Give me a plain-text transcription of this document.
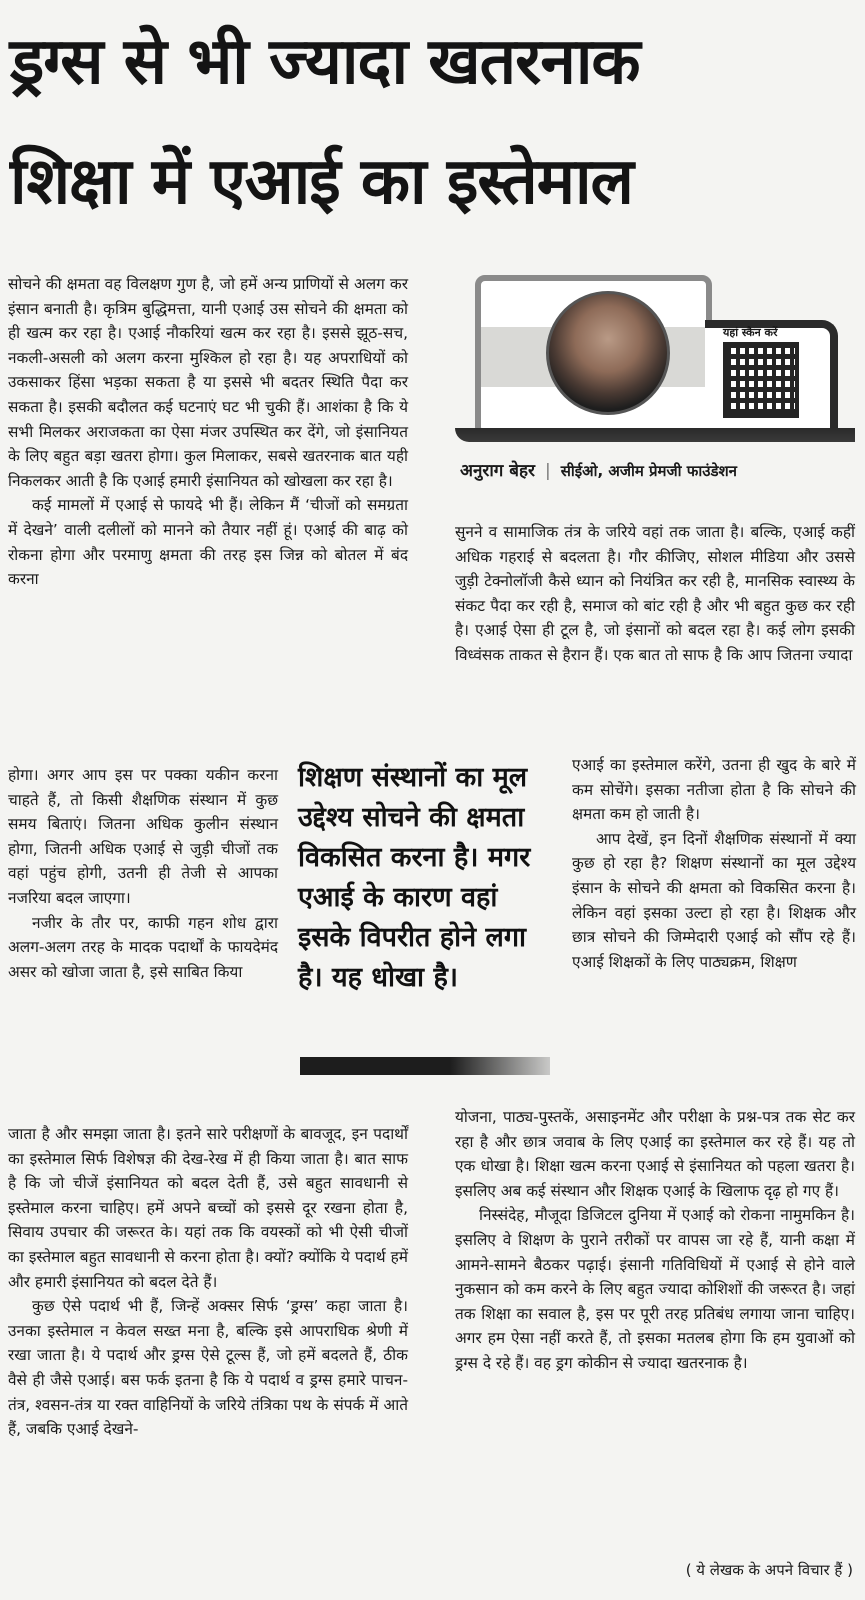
ड्रग्स से भी ज्यादा खतरनाक
शिक्षा में एआई का इस्तेमाल

सोचने की क्षमता वह विलक्षण गुण है, जो हमें अन्य प्राणियों से अलग कर इंसान बनाती है। कृत्रिम बुद्धिमत्ता, यानी एआई उस सोचने की क्षमता को ही खत्म कर रहा है। एआई नौकरियां खत्म कर रहा है। इससे झूठ-सच, नकली-असली को अलग करना मुश्किल हो रहा है। यह अपराधियों को उकसाकर हिंसा भड़का सकता है या इससे भी बदतर स्थिति पैदा कर सकता है। इसकी बदौलत कई घटनाएं घट भी चुकी हैं। आशंका है कि ये सभी मिलकर अराजकता का ऐसा मंजर उपस्थित कर देंगे, जो इंसानियत के लिए बहुत बड़ा खतरा होगा। कुल मिलाकर, सबसे खतरनाक बात यही निकलकर आती है कि एआई हमारी इंसानियत को खोखला कर रहा है।

कई मामलों में एआई से फायदे भी हैं। लेकिन मैं ‘चीजों को समग्रता में देखने’ वाली दलीलों को मानने को तैयार नहीं हूं। एआई की बाढ़ को रोकना होगा और परमाणु क्षमता की तरह इस जिन्न को बोतल में बंद करना

होगा। अगर आप इस पर पक्का यकीन करना चाहते हैं, तो किसी शैक्षणिक संस्थान में कुछ समय बिताएं। जितना अधिक कुलीन संस्थान होगा, जितनी अधिक एआई से जुड़ी चीजों तक वहां पहुंच होगी, उतनी ही तेजी से आपका नजरिया बदल जाएगा।

नजीर के तौर पर, काफी गहन शोध द्वारा अलग-अलग तरह के मादक पदार्थों के फायदेमंद असर को खोजा जाता है, इसे साबित किया

जाता है और समझा जाता है। इतने सारे परीक्षणों के बावजूद, इन पदार्थों का इस्तेमाल सिर्फ विशेषज्ञ की देख-रेख में ही किया जाता है। बात साफ है कि जो चीजें इंसानियत को बदल देती हैं, उसे बहुत सावधानी से इस्तेमाल करना चाहिए। हमें अपने बच्चों को इससे दूर रखना होता है, सिवाय उपचार की जरूरत के। यहां तक कि वयस्कों को भी ऐसी चीजों का इस्तेमाल बहुत सावधानी से करना होता है। क्यों? क्योंकि ये पदार्थ हमें और हमारी इंसानियत को बदल देते हैं।

कुछ ऐसे पदार्थ भी हैं, जिन्हें अक्सर सिर्फ ‘ड्रग्स’ कहा जाता है। उनका इस्तेमाल न केवल सख्त मना है, बल्कि इसे आपराधिक श्रेणी में रखा जाता है। ये पदार्थ और ड्रग्स ऐसे टूल्स हैं, जो हमें बदलते हैं, ठीक वैसे ही जैसे एआई। बस फर्क इतना है कि ये पदार्थ व ड्रग्स हमारे पाचन-तंत्र, श्वसन-तंत्र या रक्त वाहिनियों के जरिये तंत्रिका पथ के संपर्क में आते हैं, जबकि एआई देखने-

यहां स्कैन करें
अनुराग बेहर | सीईओ, अजीम प्रेमजी फाउंडेशन

सुनने व सामाजिक तंत्र के जरिये वहां तक जाता है। बल्कि, एआई कहीं अधिक गहराई से बदलता है। गौर कीजिए, सोशल मीडिया और उससे जुड़ी टेक्नोलॉजी कैसे ध्यान को नियंत्रित कर रही है, मानसिक स्वास्थ्य के संकट पैदा कर रही है, समाज को बांट रही है और भी बहुत कुछ कर रही है। एआई ऐसा ही टूल है, जो इंसानों को बदल रहा है। कई लोग इसकी विध्वंसक ताकत से हैरान हैं। एक बात तो साफ है कि आप जितना ज्यादा

एआई का इस्तेमाल करेंगे, उतना ही खुद के बारे में कम सोचेंगे। इसका नतीजा होता है कि सोचने की क्षमता कम हो जाती है।

आप देखें, इन दिनों शैक्षणिक संस्थानों में क्या कुछ हो रहा है? शिक्षण संस्थानों का मूल उद्देश्य इंसान के सोचने की क्षमता को विकसित करना है। लेकिन वहां इसका उल्टा हो रहा है। शिक्षक और छात्र सोचने की जिम्मेदारी एआई को सौंप रहे हैं। एआई शिक्षकों के लिए पाठ्यक्रम, शिक्षण

योजना, पाठ्य-पुस्तकें, असाइनमेंट और परीक्षा के प्रश्न-पत्र तक सेट कर रहा है और छात्र जवाब के लिए एआई का इस्तेमाल कर रहे हैं। यह तो एक धोखा है। शिक्षा खत्म करना एआई से इंसानियत को पहला खतरा है। इसलिए अब कई संस्थान और शिक्षक एआई के खिलाफ दृढ़ हो गए हैं।

निस्संदेह, मौजूदा डिजिटल दुनिया में एआई को रोकना नामुमकिन है। इसलिए वे शिक्षण के पुराने तरीकों पर वापस जा रहे हैं, यानी कक्षा में आमने-सामने बैठकर पढ़ाई। इंसानी गतिविधियों में एआई से होने वाले नुकसान को कम करने के लिए बहुत ज्यादा कोशिशों की जरूरत है। जहां तक शिक्षा का सवाल है, इस पर पूरी तरह प्रतिबंध लगाया जाना चाहिए। अगर हम ऐसा नहीं करते हैं, तो इसका मतलब होगा कि हम युवाओं को ड्रग्स दे रहे हैं। वह ड्रग कोकीन से ज्यादा खतरनाक है।

शिक्षण संस्थानों का मूल उद्देश्य सोचने की क्षमता विकसित करना है। मगर एआई के कारण वहां इसके विपरीत होने लगा है। यह धोखा है।
( ये लेखक के अपने विचार हैं )
